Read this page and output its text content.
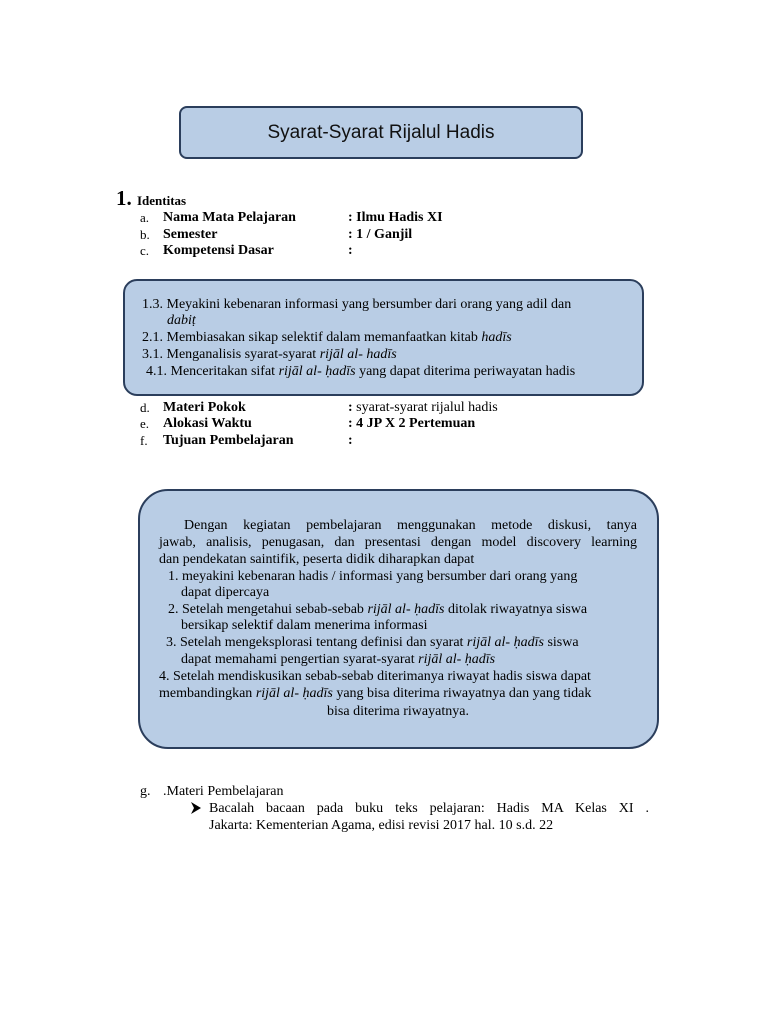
Syarat-Syarat Rijalul Hadis
1. Identitas
a. Nama Mata Pelajaran	: Ilmu Hadis XI
b. Semester	: 1 / Ganjil
c. Kompetensi Dasar	:
1.3. Meyakini kebenaran informasi yang bersumber dari orang yang adil dan
dabiṭ
2.1. Membiasakan sikap selektif dalam memanfaatkan kitab hadīs
3.1. Menganalisis syarat-syarat rijāl al- hadīs
4.1. Menceritakan sifat rijāl al- ḥadīs yang dapat diterima periwayatan hadis
d. Materi Pokok	: syarat-syarat rijalul hadis
e. Alokasi Waktu	: 4 JP X 2 Pertemuan
f. Tujuan Pembelajaran	:
Dengan kegiatan pembelajaran menggunakan metode diskusi, tanya
jawab, analisis, penugasan, dan presentasi dengan model discovery learning
dan pendekatan saintifik, peserta didik diharapkan dapat
1. meyakini kebenaran hadis / informasi yang bersumber dari orang yang
dapat dipercaya
2. Setelah mengetahui sebab-sebab rijāl al- ḥadīs ditolak riwayatnya siswa
bersikap selektif dalam menerima informasi
3. Setelah mengeksplorasi tentang definisi dan syarat rijāl al- ḥadīs siswa
dapat memahami pengertian syarat-syarat rijāl al- ḥadīs
4. Setelah mendiskusikan sebab-sebab diterimanya riwayat hadis siswa dapat
membandingkan rijāl al- ḥadīs yang bisa diterima riwayatnya dan yang tidak
bisa diterima riwayatnya.
g. .Materi Pembelajaran
Bacalah bacaan pada buku teks pelajaran: Hadis MA Kelas XI .
Jakarta: Kementerian Agama, edisi revisi 2017 hal. 10 s.d. 22
